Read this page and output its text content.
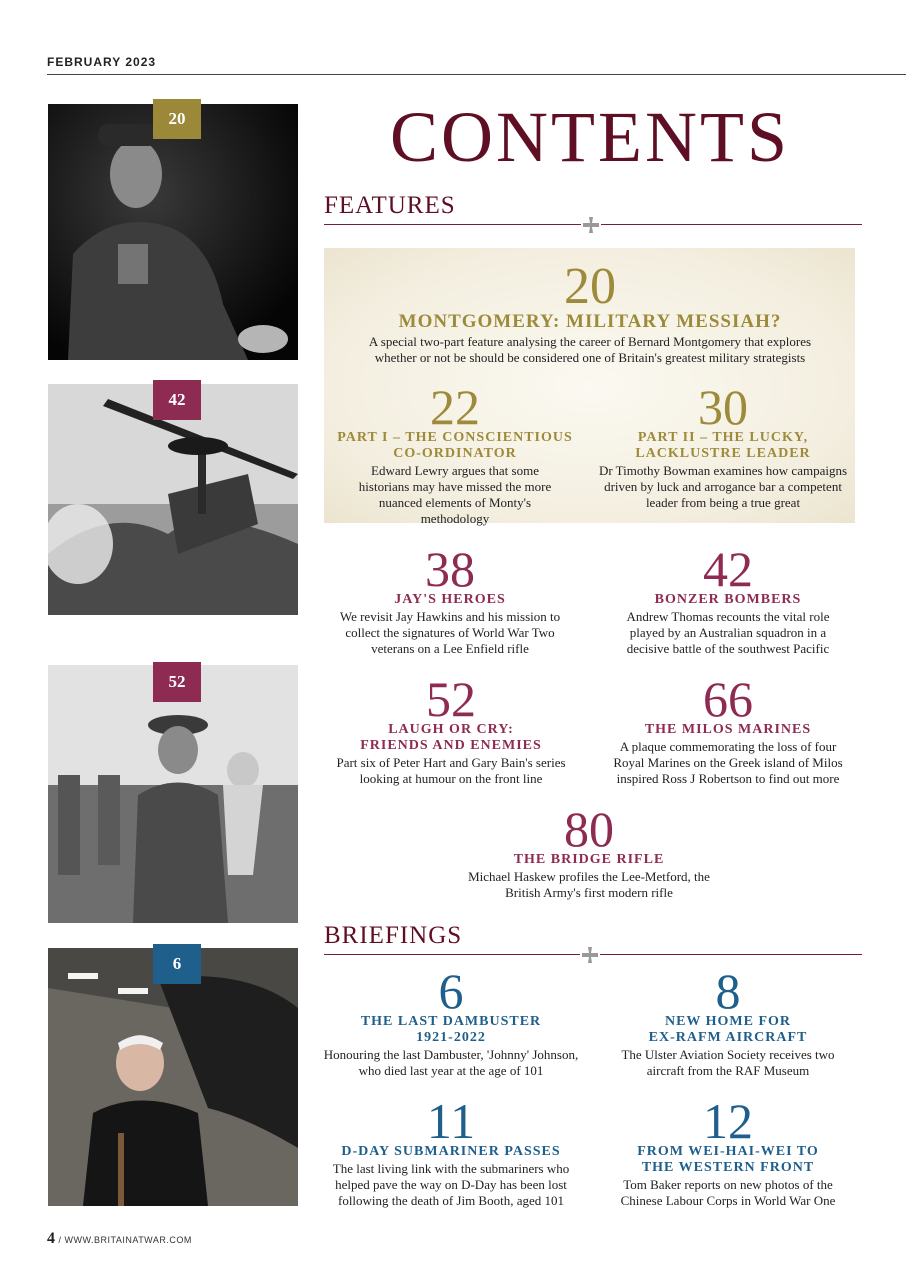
FEBRUARY 2023
20
42
52
6
CONTENTS
FEATURES
20
MONTGOMERY: MILITARY MESSIAH?
A special two-part feature analysing the career of Bernard Montgomery that explores whether or not be should be considered one of Britain's greatest military strategists
22
PART I – THE CONSCIENTIOUS
CO-ORDINATOR
Edward Lewry argues that some historians may have missed the more nuanced elements of Monty's methodology
30
PART II – THE LUCKY,
LACKLUSTRE LEADER
Dr Timothy Bowman examines how campaigns driven by luck and arrogance bar a competent leader from being a true great
38
JAY'S HEROES
We revisit Jay Hawkins and his mission to collect the signatures of World War Two veterans on a Lee Enfield rifle
42
BONZER BOMBERS
Andrew Thomas recounts the vital role played by an Australian squadron in a decisive battle of the southwest Pacific
52
LAUGH OR CRY:
FRIENDS AND ENEMIES
Part six of Peter Hart and Gary Bain's series looking at humour on the front line
66
THE MILOS MARINES
A plaque commemorating the loss of four Royal Marines on the Greek island of Milos inspired Ross J Robertson to find out more
80
THE BRIDGE RIFLE
Michael Haskew profiles the Lee-Metford, the British Army's first modern rifle
BRIEFINGS
6
THE LAST DAMBUSTER
1921-2022
Honouring the last Dambuster, 'Johnny' Johnson, who died last year at the age of 101
8
NEW HOME FOR
EX-RAFM AIRCRAFT
The Ulster Aviation Society receives two aircraft from the RAF Museum
11
D-DAY SUBMARINER PASSES
The last living link with the submariners who helped pave the way on D-Day has been lost following the death of Jim Booth, aged 101
12
FROM WEI-HAI-WEI TO
THE WESTERN FRONT
Tom Baker reports on new photos of the Chinese Labour Corps in World War One
4 / WWW.BRITAINATWAR.COM
